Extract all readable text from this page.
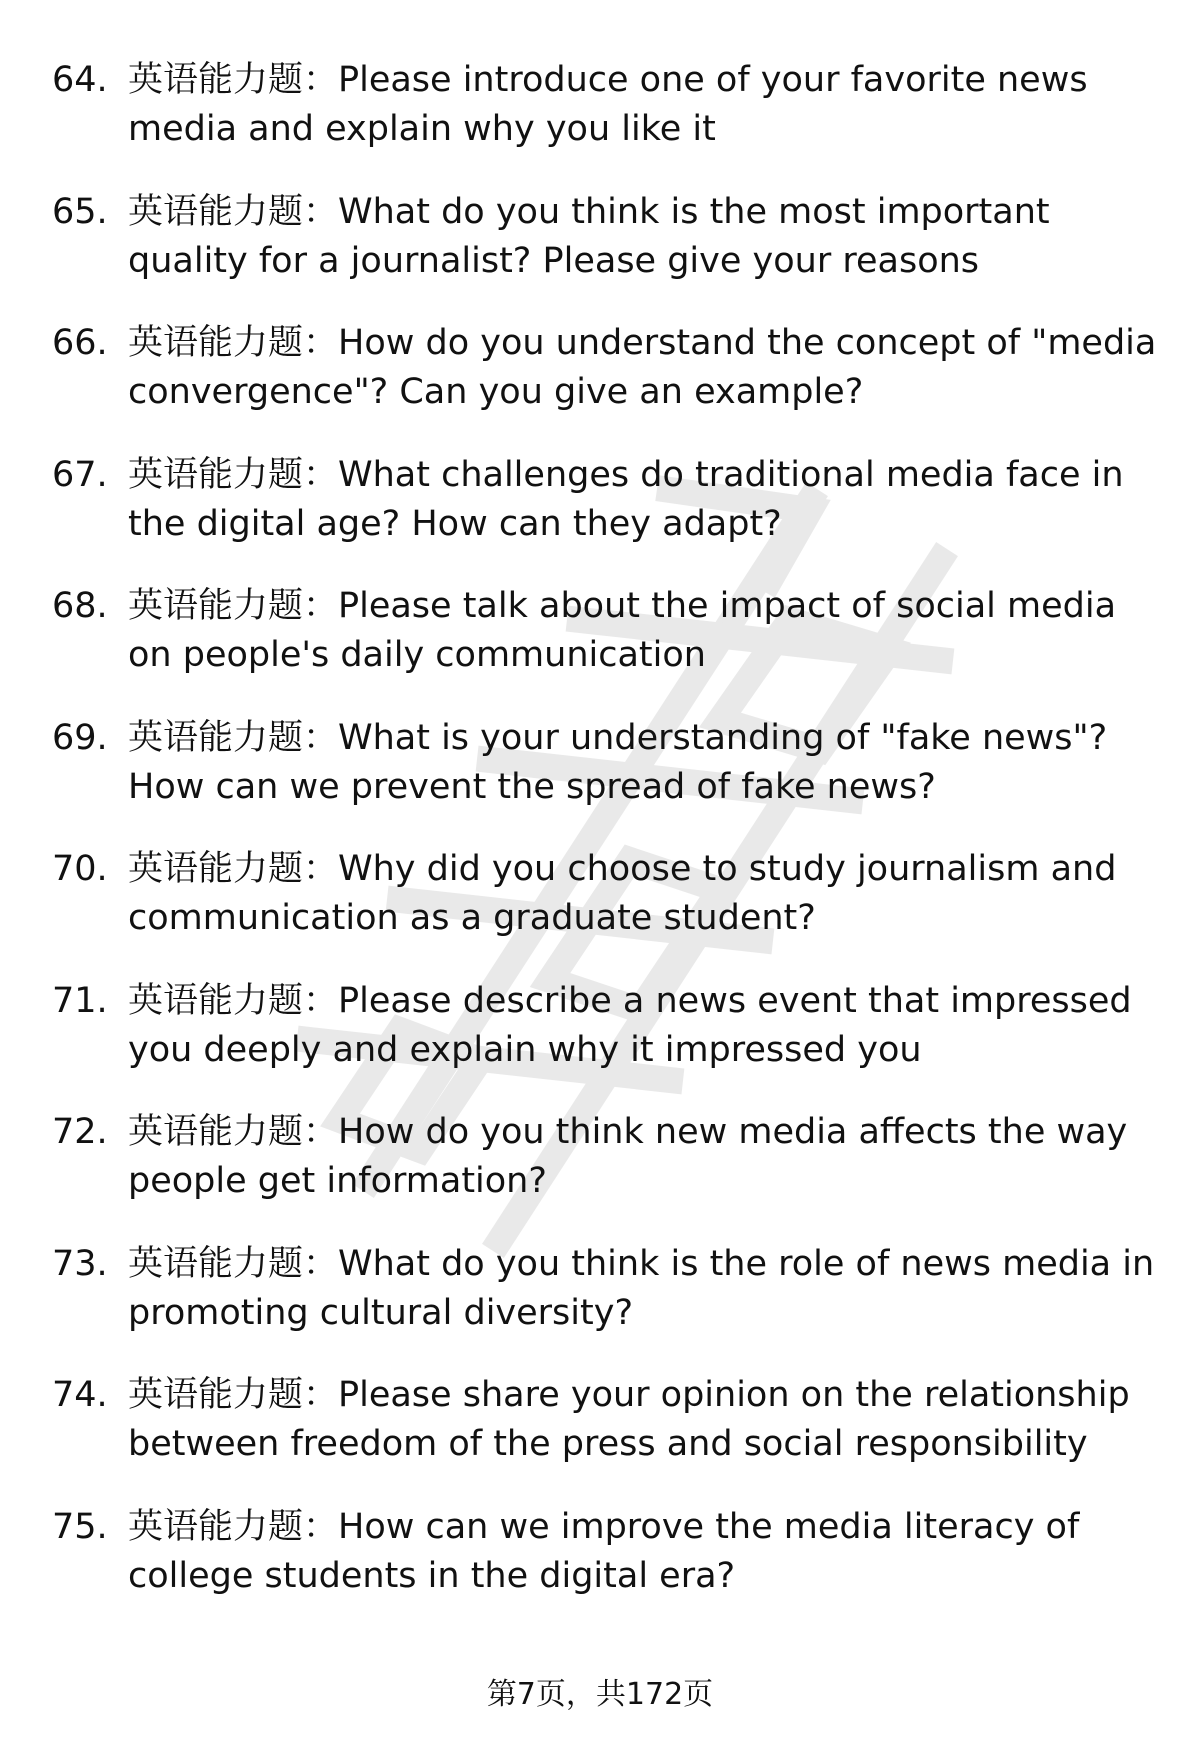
64. 英语能力题：Please introduce one of your favorite news media and explain why you like it
65. 英语能力题：What do you think is the most important quality for a journalist? Please give your reasons
66. 英语能力题：How do you understand the concept of "media convergence"? Can you give an example?
67. 英语能力题：What challenges do traditional media face in the digital age? How can they adapt?
68. 英语能力题：Please talk about the impact of social media on people's daily communication
69. 英语能力题：What is your understanding of "fake news"? How can we prevent the spread of fake news?
70. 英语能力题：Why did you choose to study journalism and communication as a graduate student?
71. 英语能力题：Please describe a news event that impressed you deeply and explain why it impressed you
72. 英语能力题：How do you think new media affects the way people get information?
73. 英语能力题：What do you think is the role of news media in promoting cultural diversity?
74. 英语能力题：Please share your opinion on the relationship between freedom of the press and social responsibility
75. 英语能力题：How can we improve the media literacy of college students in the digital era?
第7页，共172页
